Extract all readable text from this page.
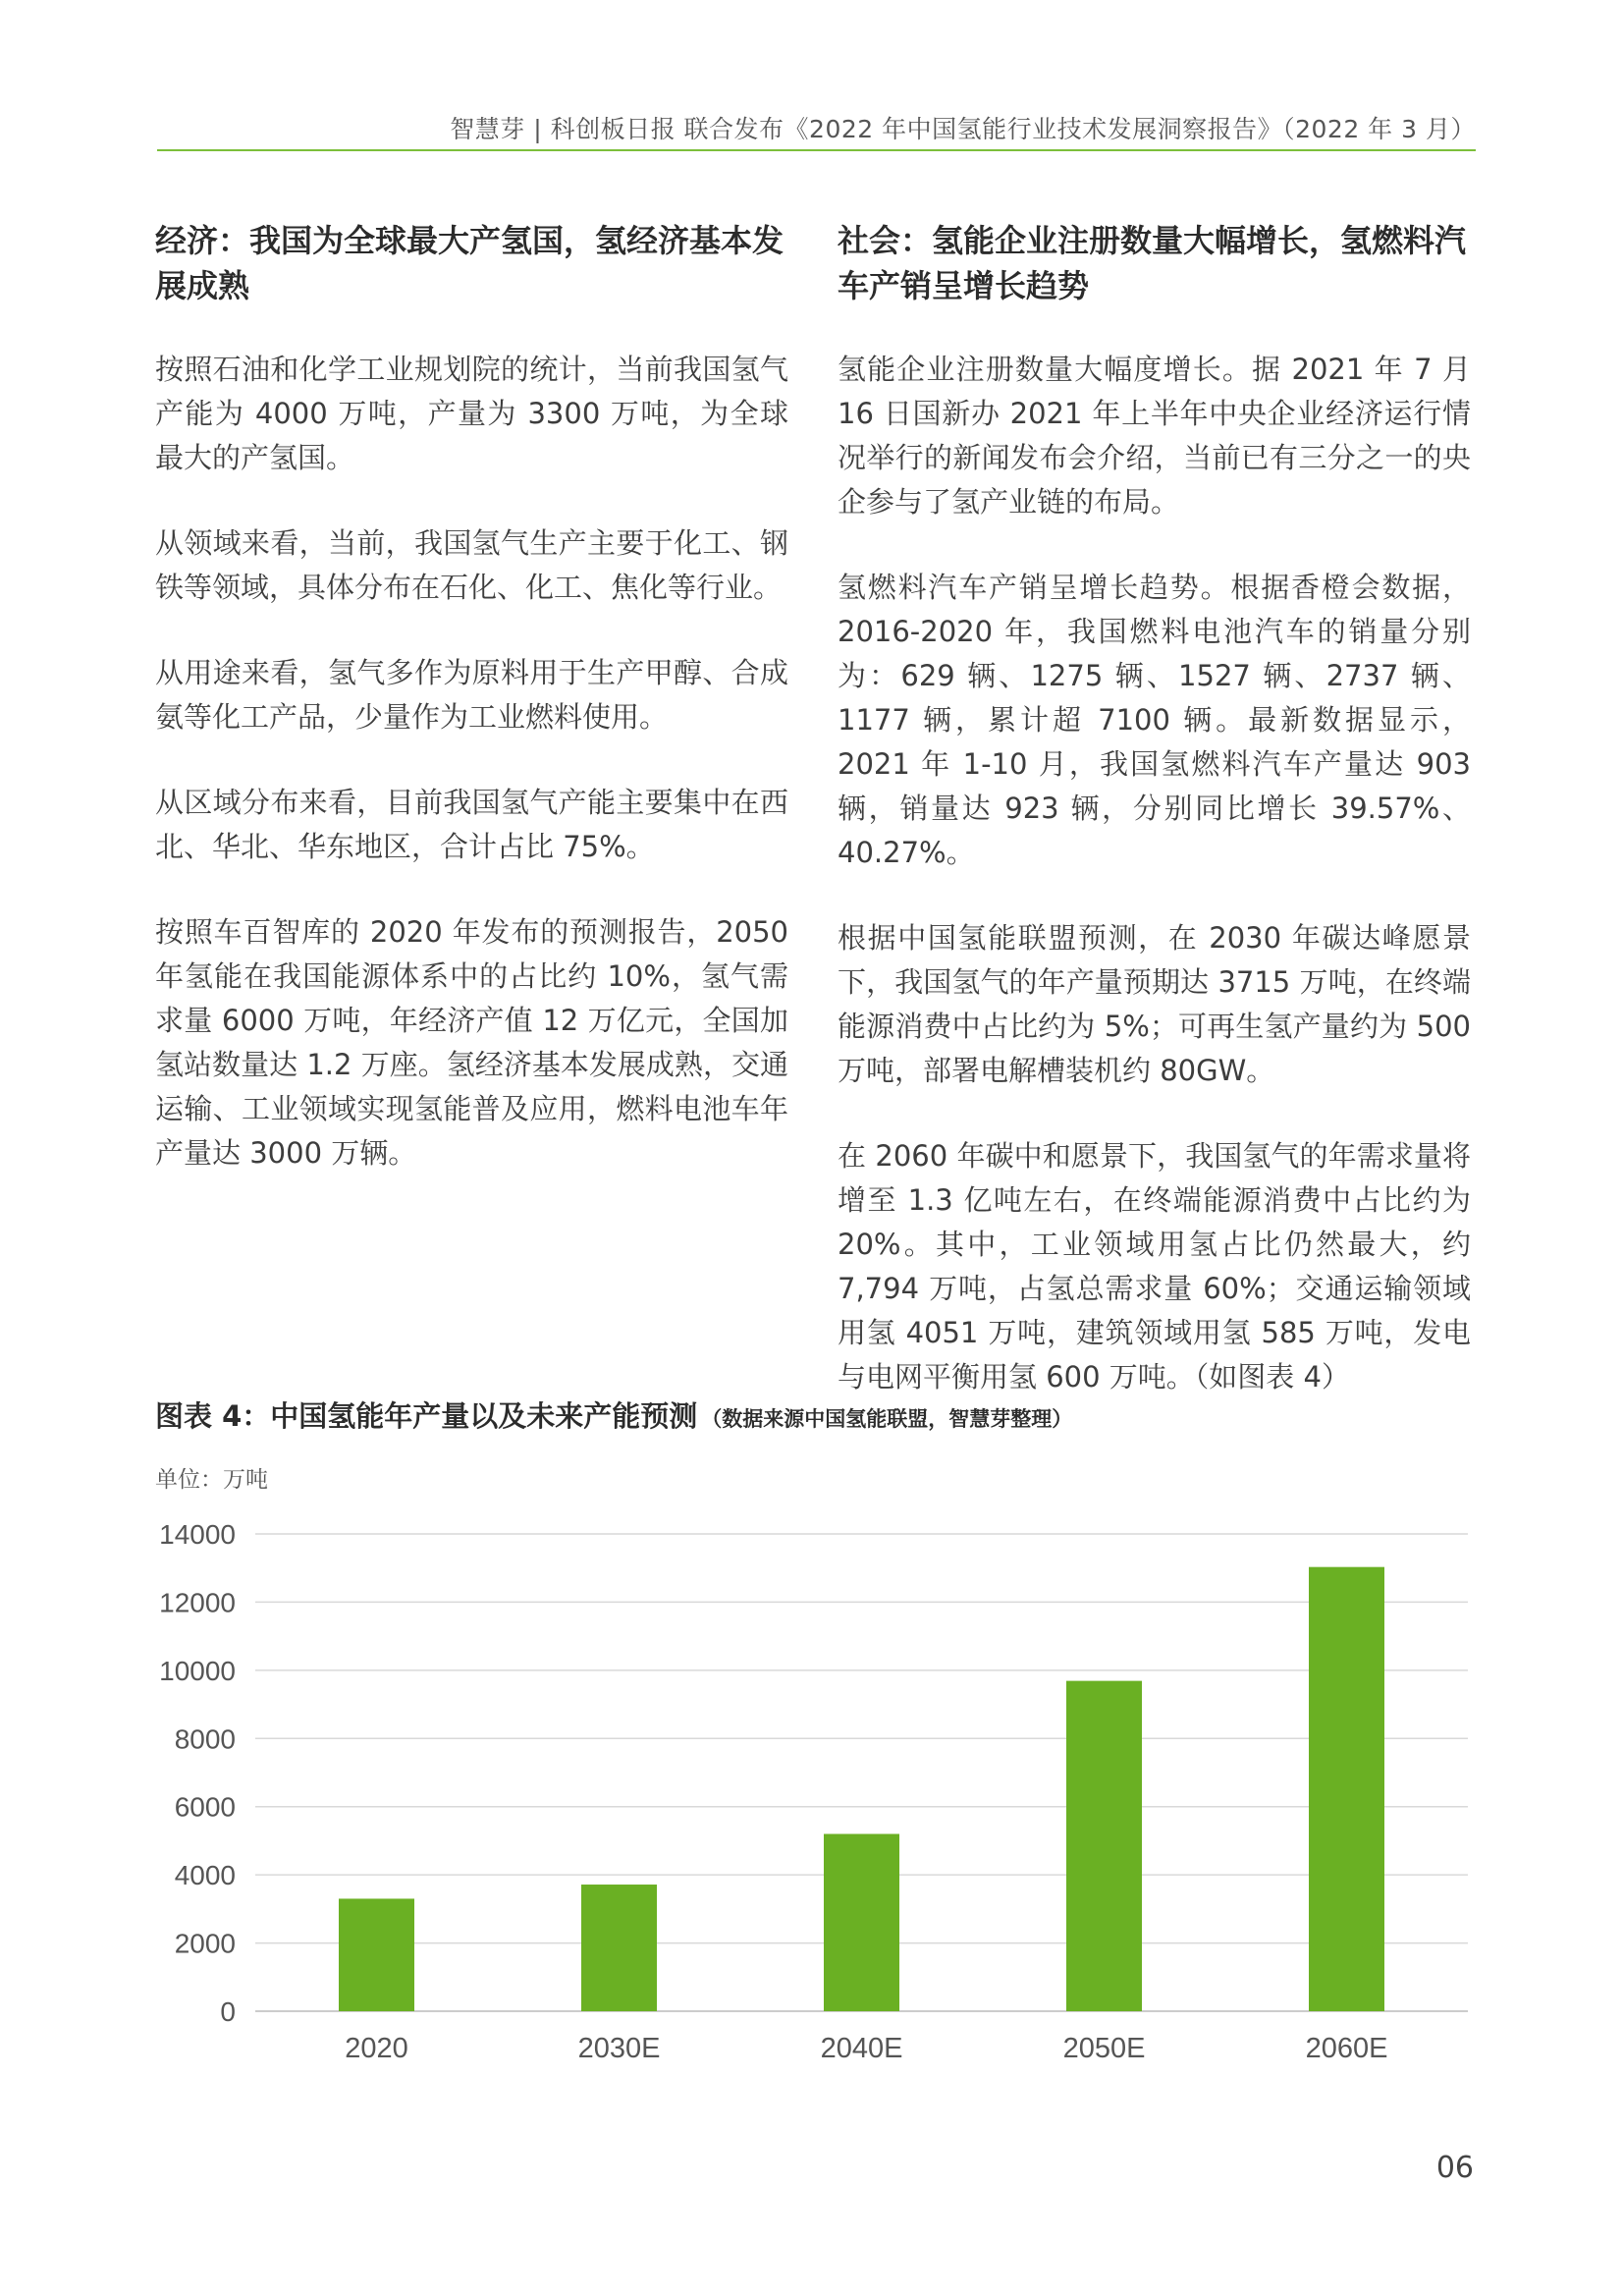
智慧芽 | 科创板日报 联合发布《2022 年中国氢能行业技术发展洞察报告》（2022 年 3 月）
经济：我国为全球最大产氢国，氢经济基本发展成熟

按照石油和化学工业规划院的统计，当前我国氢气产能为 4000 万吨，产量为 3300 万吨，为全球最大的产氢国。

从领域来看，当前，我国氢气生产主要于化工、钢铁等领域，具体分布在石化、化工、焦化等行业。

从用途来看，氢气多作为原料用于生产甲醇、合成氨等化工产品，少量作为工业燃料使用。

从区域分布来看，目前我国氢气产能主要集中在西北、华北、华东地区，合计占比 75%。

按照车百智库的 2020 年发布的预测报告，2050 年氢能在我国能源体系中的占比约 10%，氢气需求量 6000 万吨，年经济产值 12 万亿元，全国加氢站数量达 1.2 万座。氢经济基本发展成熟，交通运输、工业领域实现氢能普及应用，燃料电池车年产量达 3000 万辆。

社会：氢能企业注册数量大幅增长，氢燃料汽车产销呈增长趋势

氢能企业注册数量大幅度增长。据 2021 年 7 月 16 日国新办 2021 年上半年中央企业经济运行情况举行的新闻发布会介绍，当前已有三分之一的央企参与了氢产业链的布局。

氢燃料汽车产销呈增长趋势。根据香橙会数据，2016-2020 年，我国燃料电池汽车的销量分别为：629 辆、1275 辆、1527 辆、2737 辆、1177 辆，累计超 7100 辆。最新数据显示，2021 年 1-10 月，我国氢燃料汽车产量达 903 辆，销量达 923 辆，分别同比增长 39.57%、40.27%。

根据中国氢能联盟预测，在 2030 年碳达峰愿景下，我国氢气的年产量预期达 3715 万吨，在终端能源消费中占比约为 5%；可再生氢产量约为 500 万吨，部署电解槽装机约 80GW。

在 2060 年碳中和愿景下，我国氢气的年需求量将增至 1.3 亿吨左右，在终端能源消费中占比约为 20%。其中，工业领域用氢占比仍然最大，约 7,794 万吨，占氢总需求量 60%；交通运输领域用氢 4051 万吨，建筑领域用氢 585 万吨，发电与电网平衡用氢 600 万吨。（如图表 4）

图表 4：中国氢能年产量以及未来产能预测 （数据来源中国氢能联盟，智慧芽整理）
单位：万吨
0
2000
4000
6000
8000
10000
12000
14000
2020	2030E	2040E	2050E	2060E
06
